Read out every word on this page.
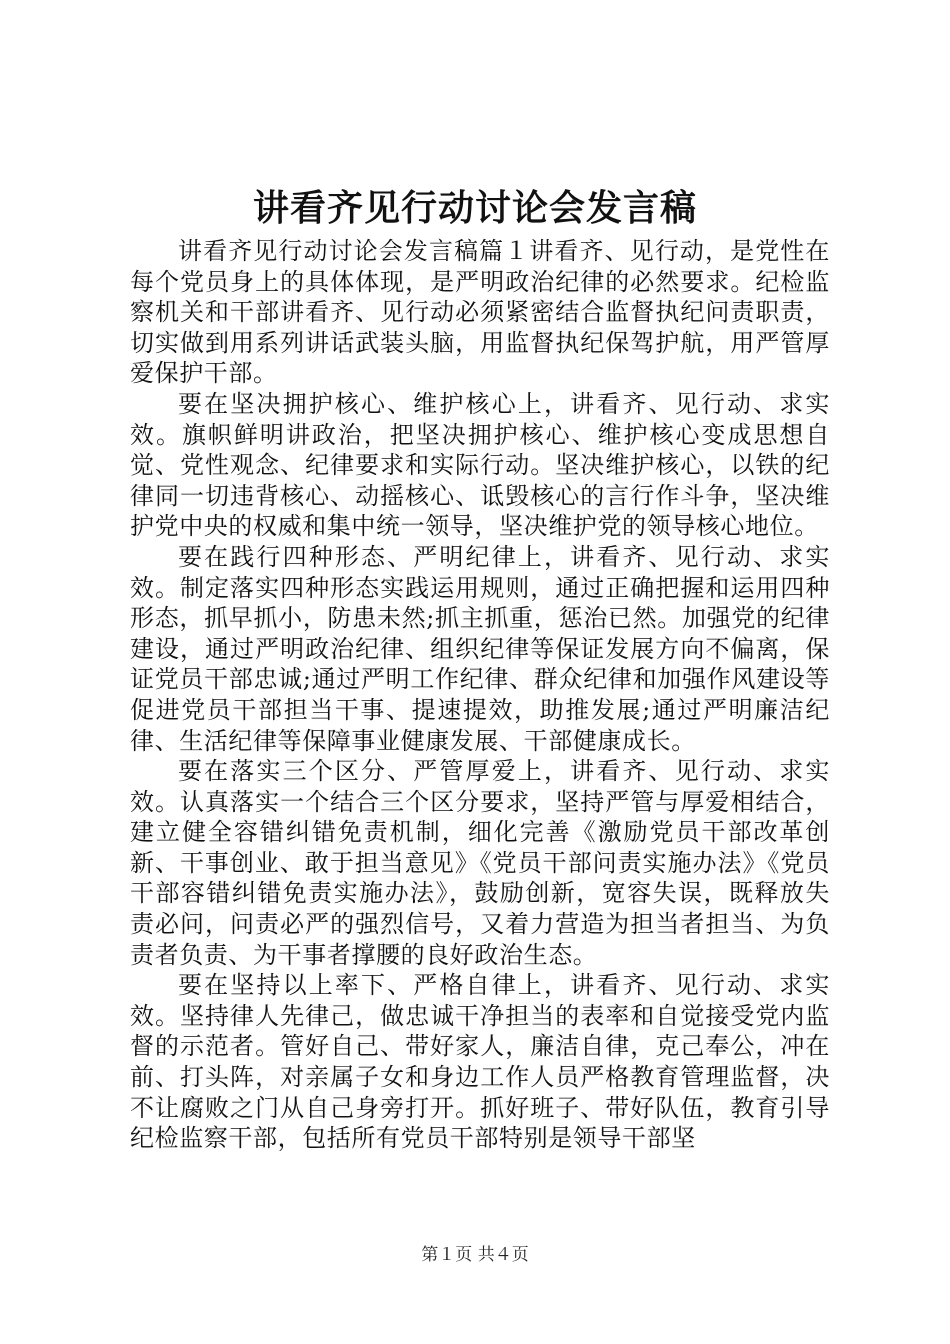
讲看齐见行动讨论会发言稿

讲看齐见行动讨论会发言稿篇１讲看齐、见行动，是党性在每个党员身上的具体体现，是严明政治纪律的必然要求。纪检监察机关和干部讲看齐、见行动必须紧密结合监督执纪问责职责，切实做到用系列讲话武装头脑，用监督执纪保驾护航，用严管厚爱保护干部。

要在坚决拥护核心、维护核心上，讲看齐、见行动、求实效。旗帜鲜明讲政治，把坚决拥护核心、维护核心变成思想自觉、党性观念、纪律要求和实际行动。坚决维护核心，以铁的纪律同一切违背核心、动摇核心、诋毁核心的言行作斗争，坚决维护党中央的权威和集中统一领导，坚决维护党的领导核心地位。

要在践行四种形态、严明纪律上，讲看齐、见行动、求实效。制定落实四种形态实践运用规则，通过正确把握和运用四种形态，抓早抓小，防患未然;抓主抓重，惩治已然。加强党的纪律建设，通过严明政治纪律、组织纪律等保证发展方向不偏离，保证党员干部忠诚;通过严明工作纪律、群众纪律和加强作风建设等促进党员干部担当干事、提速提效，助推发展;通过严明廉洁纪律、生活纪律等保障事业健康发展、干部健康成长。

要在落实三个区分、严管厚爱上，讲看齐、见行动、求实效。认真落实一个结合三个区分要求，坚持严管与厚爱相结合，建立健全容错纠错免责机制，细化完善《激励党员干部改革创新、干事创业、敢于担当意见》《党员干部问责实施办法》《党员干部容错纠错免责实施办法》，鼓励创新，宽容失误，既释放失责必问，问责必严的强烈信号，又着力营造为担当者担当、为负责者负责、为干事者撑腰的良好政治生态。

要在坚持以上率下、严格自律上，讲看齐、见行动、求实效。坚持律人先律己，做忠诚干净担当的表率和自觉接受党内监督的示范者。管好自己、带好家人，廉洁自律，克己奉公，冲在前、打头阵，对亲属子女和身边工作人员严格教育管理监督，决不让腐败之门从自己身旁打开。抓好班子、带好队伍，教育引导纪检监察干部，包括所有党员干部特别是领导干部坚

第１页 共４页
